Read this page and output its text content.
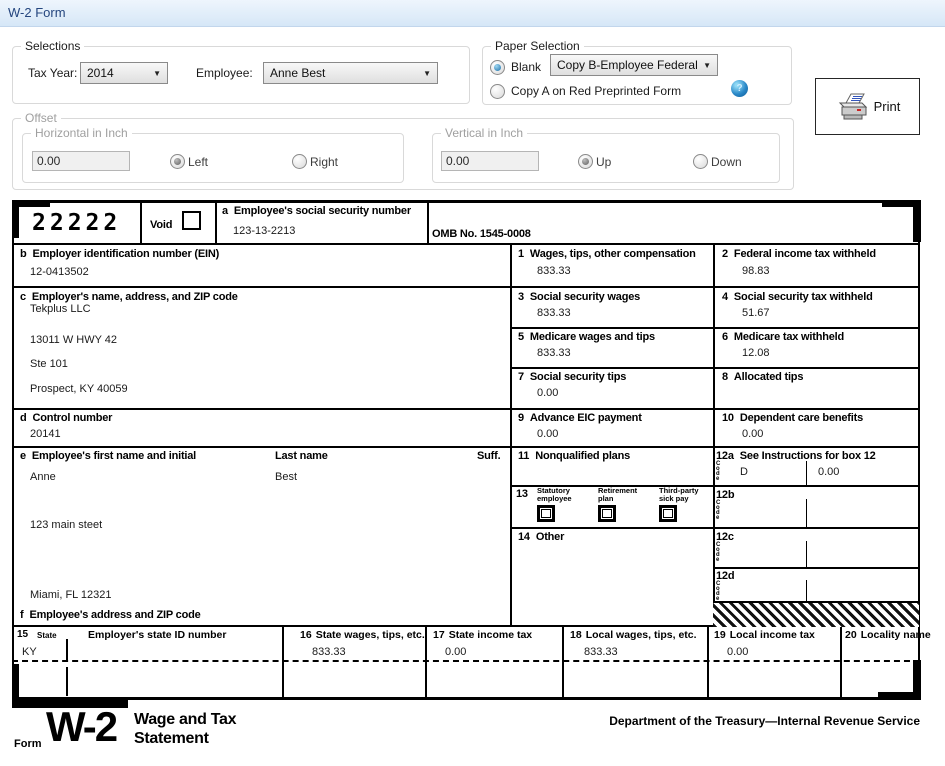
W-2 Form
Selections
Tax Year: 2014	▼	Employee: Anne Best	▼
Paper Selection
Blank Copy B-Employee Federal ▼
Copy A on Red Preprinted Form	?
Print
Offset
Horizontal in Inch
0.00
Left	Right
Vertical in Inch
0.00
Up	Down
22222	Void
a Employee's social security number
123-13-2213	OMB No. 1545-0008
b Employer identification number (EIN)
12-0413502
c Employer's name, address, and ZIP code
Tekplus LLC
13011 W HWY 42
Ste 101
Prospect, KY 40059
d Control number
20141
e Employee's first name and initial	Last name	Suff.
Anne	Best
123 main steet
Miami, FL 12321
f Employee's address and ZIP code
1 Wages, tips, other compensation
833.33
2 Federal income tax withheld
98.83
3 Social security wages
833.33
4 Social security tax withheld
51.67
5 Medicare wages and tips
833.33
6 Medicare tax withheld
12.08
7 Social security tips
0.00
8 Allocated tips
9 Advance EIC payment
0.00
10 Dependent care benefits
0.00
11 Nonqualified plans	12a See Instructions for box 12
Code
D	0.00
12b
Code
12c
Code
12d
Code
13	Statutory employee
Retirement plan
Third-party sick pay
14 Other
15	State	Employer's state ID number
KY
16 State wages, tips, etc.
833.33
17 State income tax
0.00
18 Local wages, tips, etc.
833.33
19 Local income tax
0.00
20 Locality name
Form W-2 Wage and Tax
Statement
Department of the Treasury—Internal Revenue Service
